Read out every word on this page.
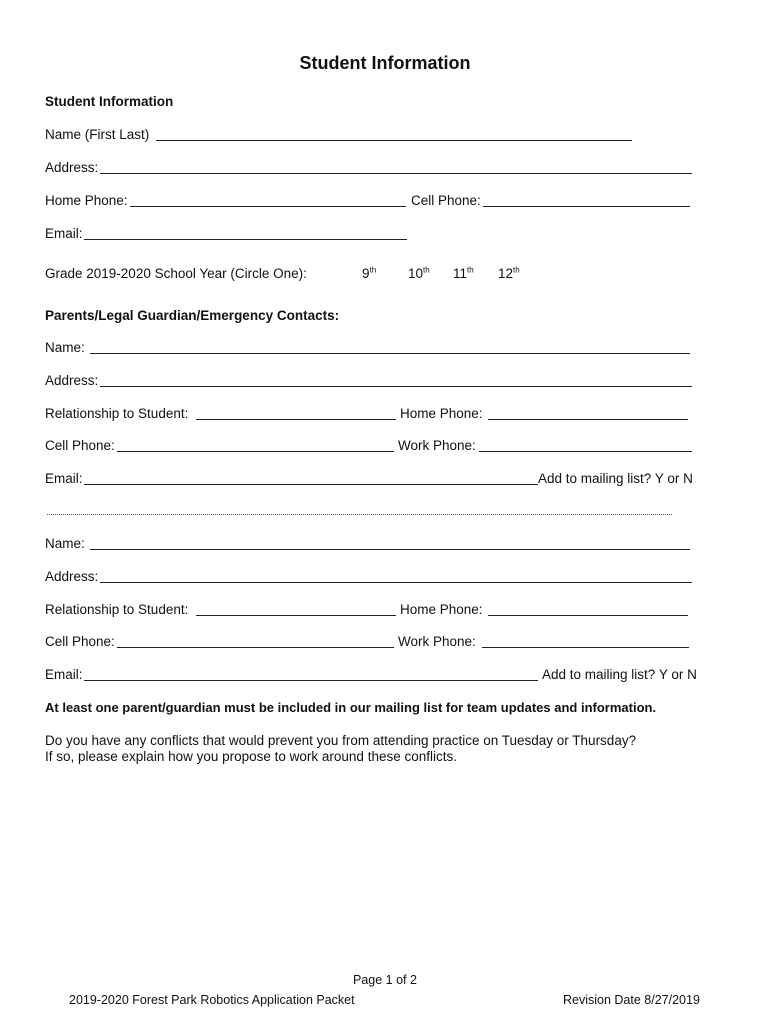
Student Information
Student Information
Name (First Last)
Address:
Home Phone:	Cell Phone:
Email:
Grade 2019-2020 School Year (Circle One):	9th 10th 11th 12th
Parents/Legal Guardian/Emergency Contacts:
Name:
Address:
Relationship to Student:	Home Phone:
Cell Phone:	Work Phone:
Email:	Add to mailing list? Y or N
Name:
Address:
Relationship to Student:	Home Phone:
Cell Phone:	Work Phone:
Email:	Add to mailing list? Y or N
At least one parent/guardian must be included in our mailing list for team updates and information.
Do you have any conflicts that would prevent you from attending practice on Tuesday or Thursday?
If so, please explain how you propose to work around these conflicts.
Page 1 of 2
2019-2020 Forest Park Robotics Application Packet	Revision Date 8/27/2019
